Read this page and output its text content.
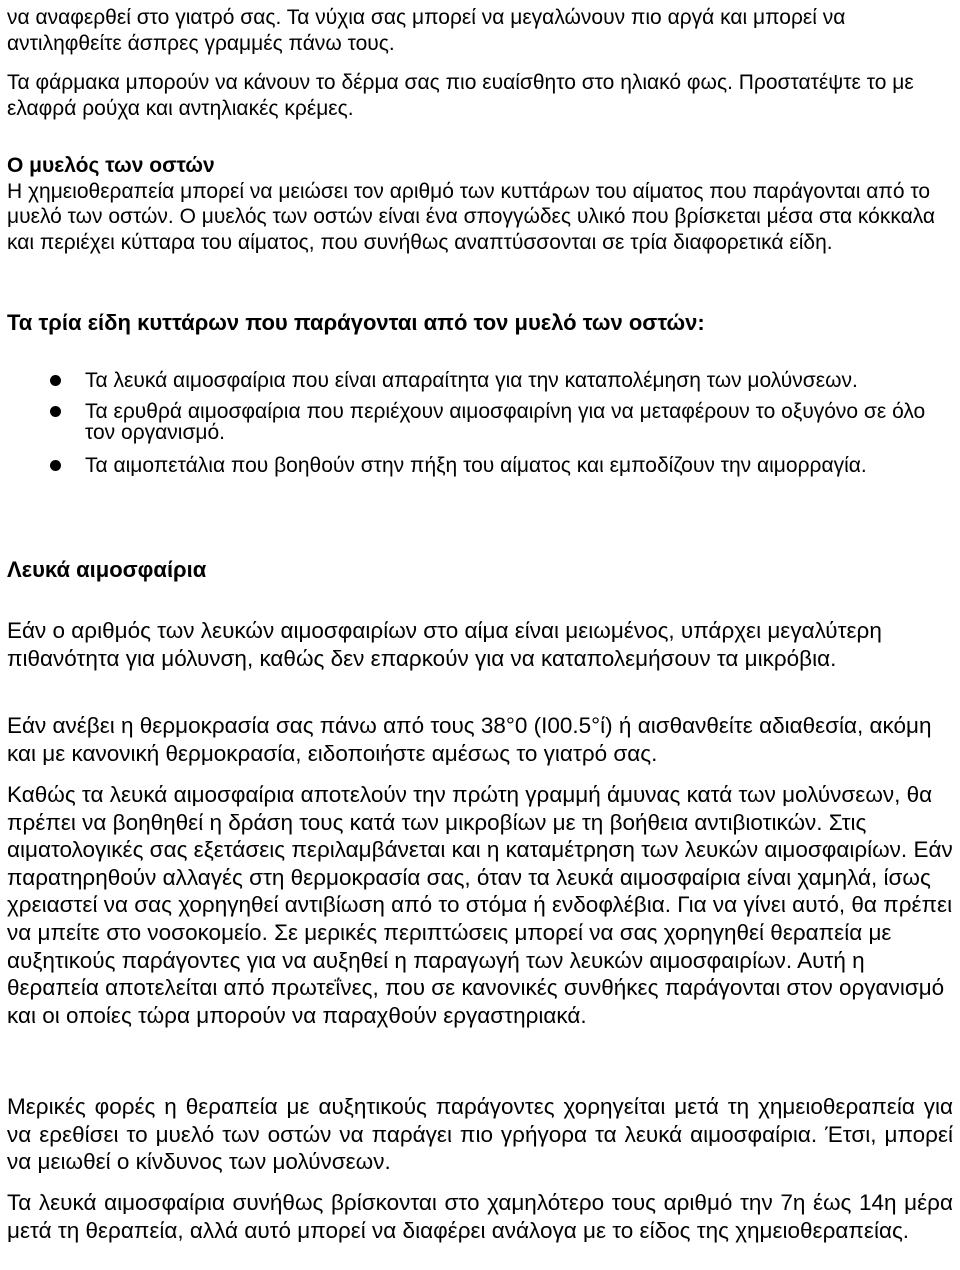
να αναφερθεί στο γιατρό σας. Τα νύχια σας μπορεί να μεγαλώνουν πιο αργά και μπορεί να αντιληφθείτε άσπρες γραμμές πάνω τους.

Τα φάρμακα μπορούν να κάνουν το δέρμα σας πιο ευαίσθητο στο ηλιακό φως. Προστατέψτε το με ελαφρά ρούχα και αντηλιακές κρέμες.

Ο μυελός των οστών
Η χημειοθεραπεία μπορεί να μειώσει τον αριθμό των κυττάρων του αίματος που παράγονται από το μυελό των οστών. Ο μυελός των οστών είναι ένα σπογγώδες υλικό που βρίσκεται μέσα στα κόκκαλα και περιέχει κύτταρα του αίματος, που συνήθως αναπτύσσονται σε τρία διαφορετικά είδη.
Τα τρία είδη κυττάρων που παράγονται από τον μυελό των οστών:
Τα λευκά αιμοσφαίρια που είναι απαραίτητα για την καταπολέμηση των μολύνσεων.
Τα ερυθρά αιμοσφαίρια που περιέχουν αιμοσφαιρίνη για να μεταφέρουν το οξυγόνο σε όλο τον οργανισμό.
Τα αιμοπετάλια που βοηθούν στην πήξη του αίματος και εμποδίζουν την αιμορραγία.
Λευκά αιμοσφαίρια

Εάν ο αριθμός των λευκών αιμοσφαιρίων στο αίμα είναι μειωμένος, υπάρχει μεγαλύτερη πιθανότητα για μόλυνση, καθώς δεν επαρκούν για να καταπολεμήσουν τα μικρόβια.

Εάν ανέβει η θερμοκρασία σας πάνω από τους 38°0 (Ι00.5°ί) ή αισθανθείτε αδιαθεσία, ακόμη και με κανονική θερμοκρασία, ειδοποιήστε αμέσως το γιατρό σας.

Καθώς τα λευκά αιμοσφαίρια αποτελούν την πρώτη γραμμή άμυνας κατά των μολύνσεων, θα πρέπει να βοηθηθεί η δράση τους κατά των μικροβίων με τη βοήθεια αντιβιοτικών. Στις αιματολογικές σας εξετάσεις περιλαμβάνεται και η καταμέτρηση των λευκών αιμοσφαιρίων. Εάν παρατηρηθούν αλλαγές στη θερμοκρασία σας, όταν τα λευκά αιμοσφαίρια είναι χαμηλά, ίσως χρειαστεί να σας χορηγηθεί αντιβίωση από το στόμα ή ενδοφλέβια. Για να γίνει αυτό, θα πρέπει να μπείτε στο νοσοκομείο. Σε μερικές περιπτώσεις μπορεί να σας χορηγηθεί θεραπεία με αυξητικούς παράγοντες για να αυξηθεί η παραγωγή των λευκών αιμοσφαιρίων. Αυτή η θεραπεία αποτελείται από πρωτεΐνες, που σε κανονικές συνθήκες παράγονται στον οργανισμό και οι οποίες τώρα μπορούν να παραχθούν εργαστηριακά.

Μερικές φορές η θεραπεία με αυξητικούς παράγοντες χορηγείται μετά τη χημειοθεραπεία για να ερεθίσει το μυελό των οστών να παράγει πιο γρήγορα τα λευκά αιμοσφαίρια. Έτσι, μπορεί να μειωθεί ο κίνδυνος των μολύνσεων.

Τα λευκά αιμοσφαίρια συνήθως βρίσκονται στο χαμηλότερο τους αριθμό την 7η έως 14η μέρα μετά τη θεραπεία, αλλά αυτό μπορεί να διαφέρει ανάλογα με το είδος της χημειοθεραπείας.
